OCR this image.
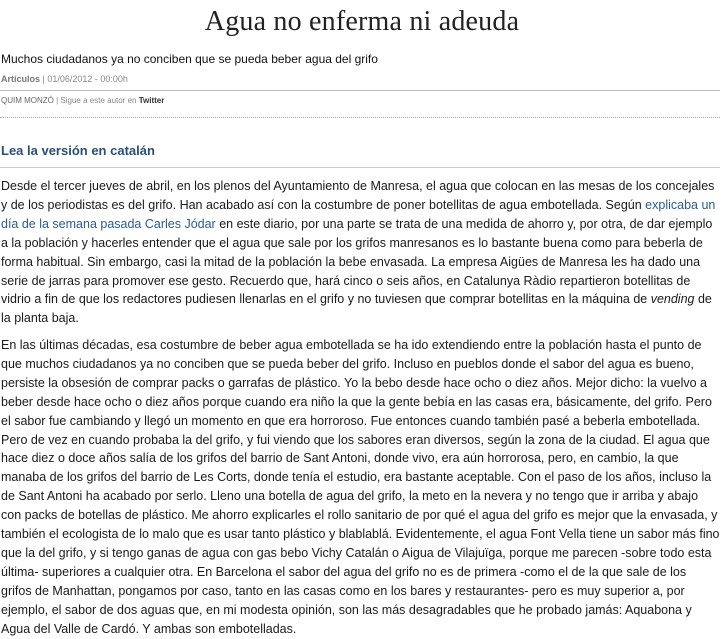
Agua no enferma ni adeuda
Muchos ciudadanos ya no conciben que se pueda beber agua del grifo
Artículos | 01/06/2012 - 00:00h
QUIM MONZÓ | Sigue a este autor en Twitter
Lea la versión en catalán

Desde el tercer jueves de abril, en los plenos del Ayuntamiento de Manresa, el agua que colocan en las mesas de los concejales y de los periodistas es del grifo. Han acabado así con la costumbre de poner botellitas de agua embotellada. Según explicaba un día de la semana pasada Carles Jódar en este diario, por una parte se trata de una medida de ahorro y, por otra, de dar ejemplo a la población y hacerles entender que el agua que sale por los grifos manresanos es lo bastante buena como para beberla de forma habitual. Sin embargo, casi la mitad de la población la bebe envasada. La empresa Aigües de Manresa les ha dado una serie de jarras para promover ese gesto. Recuerdo que, hará cinco o seis años, en Catalunya Ràdio repartieron botellitas de vidrio a fin de que los redactores pudiesen llenarlas en el grifo y no tuviesen que comprar botellitas en la máquina de vending de la planta baja.

En las últimas décadas, esa costumbre de beber agua embotellada se ha ido extendiendo entre la población hasta el punto de que muchos ciudadanos ya no conciben que se pueda beber del grifo. Incluso en pueblos donde el sabor del agua es bueno, persiste la obsesión de comprar packs o garrafas de plástico. Yo la bebo desde hace ocho o diez años. Mejor dicho: la vuelvo a beber desde hace ocho o diez años porque cuando era niño la que la gente bebía en las casas era, básicamente, del grifo. Pero el sabor fue cambiando y llegó un momento en que era horroroso. Fue entonces cuando también pasé a beberla embotellada. Pero de vez en cuando probaba la del grifo, y fui viendo que los sabores eran diversos, según la zona de la ciudad. El agua que hace diez o doce años salía de los grifos del barrio de Sant Antoni, donde vivo, era aún horrorosa, pero, en cambio, la que manaba de los grifos del barrio de Les Corts, donde tenía el estudio, era bastante aceptable. Con el paso de los años, incluso la de Sant Antoni ha acabado por serlo. Lleno una botella de agua del grifo, la meto en la nevera y no tengo que ir arriba y abajo con packs de botellas de plástico. Me ahorro explicarles el rollo sanitario de por qué el agua del grifo es mejor que la envasada, y también el ecologista de lo malo que es usar tanto plástico y blablablá. Evidentemente, el agua Font Vella tiene un sabor más fino que la del grifo, y si tengo ganas de agua con gas bebo Vichy Catalán o Aigua de Vilajuïga, porque me parecen -sobre todo esta última- superiores a cualquier otra. En Barcelona el sabor del agua del grifo no es de primera -como el de la que sale de los grifos de Manhattan, pongamos por caso, tanto en las casas como en los bares y restaurantes- pero es muy superior a, por ejemplo, el sabor de dos aguas que, en mi modesta opinión, son las más desagradables que he probado jamás: Aquabona y Agua del Valle de Cardó. Y ambas son embotelladas.
